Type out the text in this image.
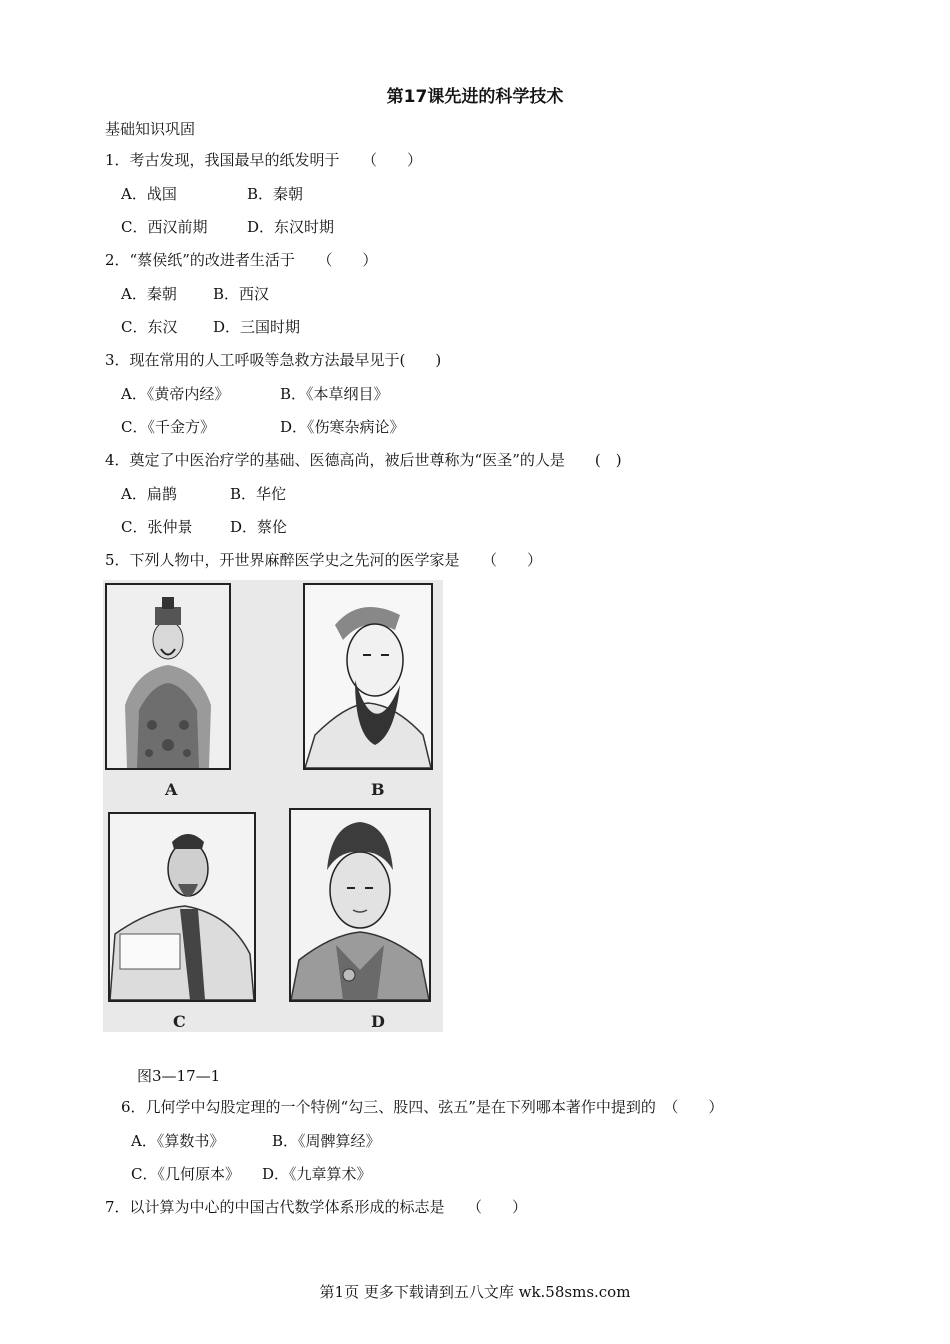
第17课先进的科学技术
基础知识巩固
1．考古发现，我国最早的纸发明于　　（　　）
A．战国	B．秦朝
C．西汉前期	D．东汉时期
2．“蔡侯纸”的改进者生活于　　（　　）
A．秦朝 B．西汉
C．东汉 D．三国时期
3．现在常用的人工呼吸等急救方法最早见于(　　)
A．《黄帝内经》	B．《本草纲目》
C．《千金方》	D．《伤寒杂病论》
4．奠定了中医治疗学的基础、医德高尚，被后世尊称为“医圣”的人是　　(　)
A．扁鹊	B．华佗
C．张仲景	D．蔡伦
5．下列人物中，开世界麻醉医学史之先河的医学家是　　（　　）
A	B
C	D
图3—17—1
6．几何学中勾股定理的一个特例“勾三、股四、弦五”是在下列哪本著作中提到的　（　　）
A．《算数书》	B．《周髀算经》
C．《几何原本》 D．《九章算术》
7．以计算为中心的中国古代数学体系形成的标志是　　（　　）
第1页 更多下载请到五八文库 wk.58sms.com
